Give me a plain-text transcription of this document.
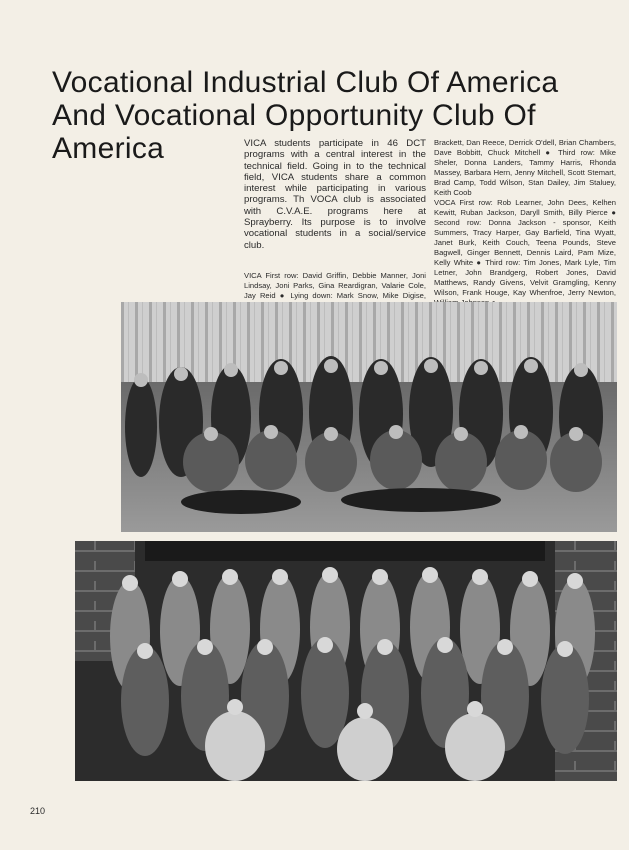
Vocational Industrial Club Of America
And Vocational Opportunity Club Of
America	VICA students participate in 46 DCT programs with a central interest in the technical field. Going in to the technical field, VICA students share a common interest while participating in various programs. Th VOCA club is associated with C.V.A.E. programs here at Sprayberry. Its purpose is to involve vocational students in a social/service club.

VICA First row: David Griffin, Debbie Manner, Joni Lindsay, Joni Parks, Gina Reardigran, Valarie Cole, Jay Reid ● Lying down: Mark Snow, Mike Digise,

Brackett, Dan Reece, Derrick O'dell, Brian Chambers, Dave Bobbitt, Chuck Mitchell ● Third row: Mike Sheler, Donna Landers, Tammy Harris, Rhonda Massey, Barbara Hern, Jenny Mitchell, Scott Stemart, Brad Camp, Todd Wilson, Stan Dailey, Jim Staluey, Keith Coob

VOCA First row: Rob Learner, John Dees, Kelhen Kewitt, Ruban Jackson, Daryll Smith, Billy Pierce ● Second row: Donna Jackson - sponsor, Keith Summers, Tracy Harper, Gay Barfield, Tina Wyatt, Janet Burk, Keith Couch, Teena Pounds, Steve Bagwell, Ginger Bennett, Dennis Laird, Pam Mize, Kelly White ● Third row: Tim Jones, Mark Lyle, Tim Letner, John Brandgerg, Robert Jones, David Matthews, Randy Givens, Velvit Gramgling, Kenny Wilson, Frank Houge, Kay Whenfroe, Jerry Newton,

210
